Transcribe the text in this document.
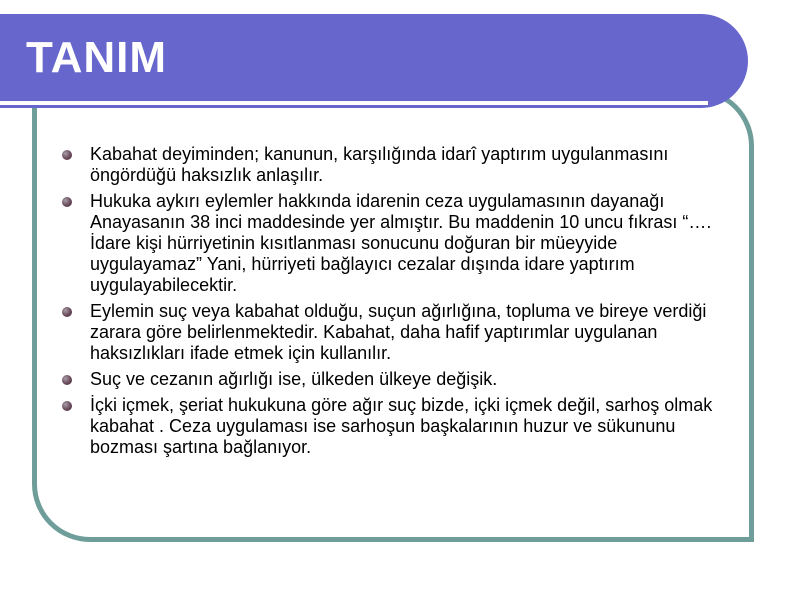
TANIM
Kabahat deyiminden; kanunun, karşılığında idarî yaptırım uygulanmasını öngördüğü haksızlık anlaşılır.
Hukuka aykırı eylemler hakkında idarenin ceza uygulamasının dayanağı Anayasanın 38 inci maddesinde yer almıştır. Bu maddenin 10 uncu fıkrası “…. İdare kişi hürriyetinin kısıtlanması sonucunu doğuran bir müeyyide uygulayamaz” Yani, hürriyeti bağlayıcı cezalar dışında idare yaptırım uygulayabilecektir.
Eylemin suç veya kabahat olduğu, suçun ağırlığına, topluma ve bireye verdiği zarara göre belirlenmektedir. Kabahat, daha hafif yaptırımlar uygulanan haksızlıkları ifade etmek için kullanılır.
Suç ve cezanın ağırlığı ise, ülkeden ülkeye değişik.
İçki içmek, şeriat hukukuna göre ağır suç bizde, içki içmek değil, sarhoş olmak kabahat . Ceza uygulaması ise sarhoşun başkalarının huzur ve sükununu bozması şartına bağlanıyor.
